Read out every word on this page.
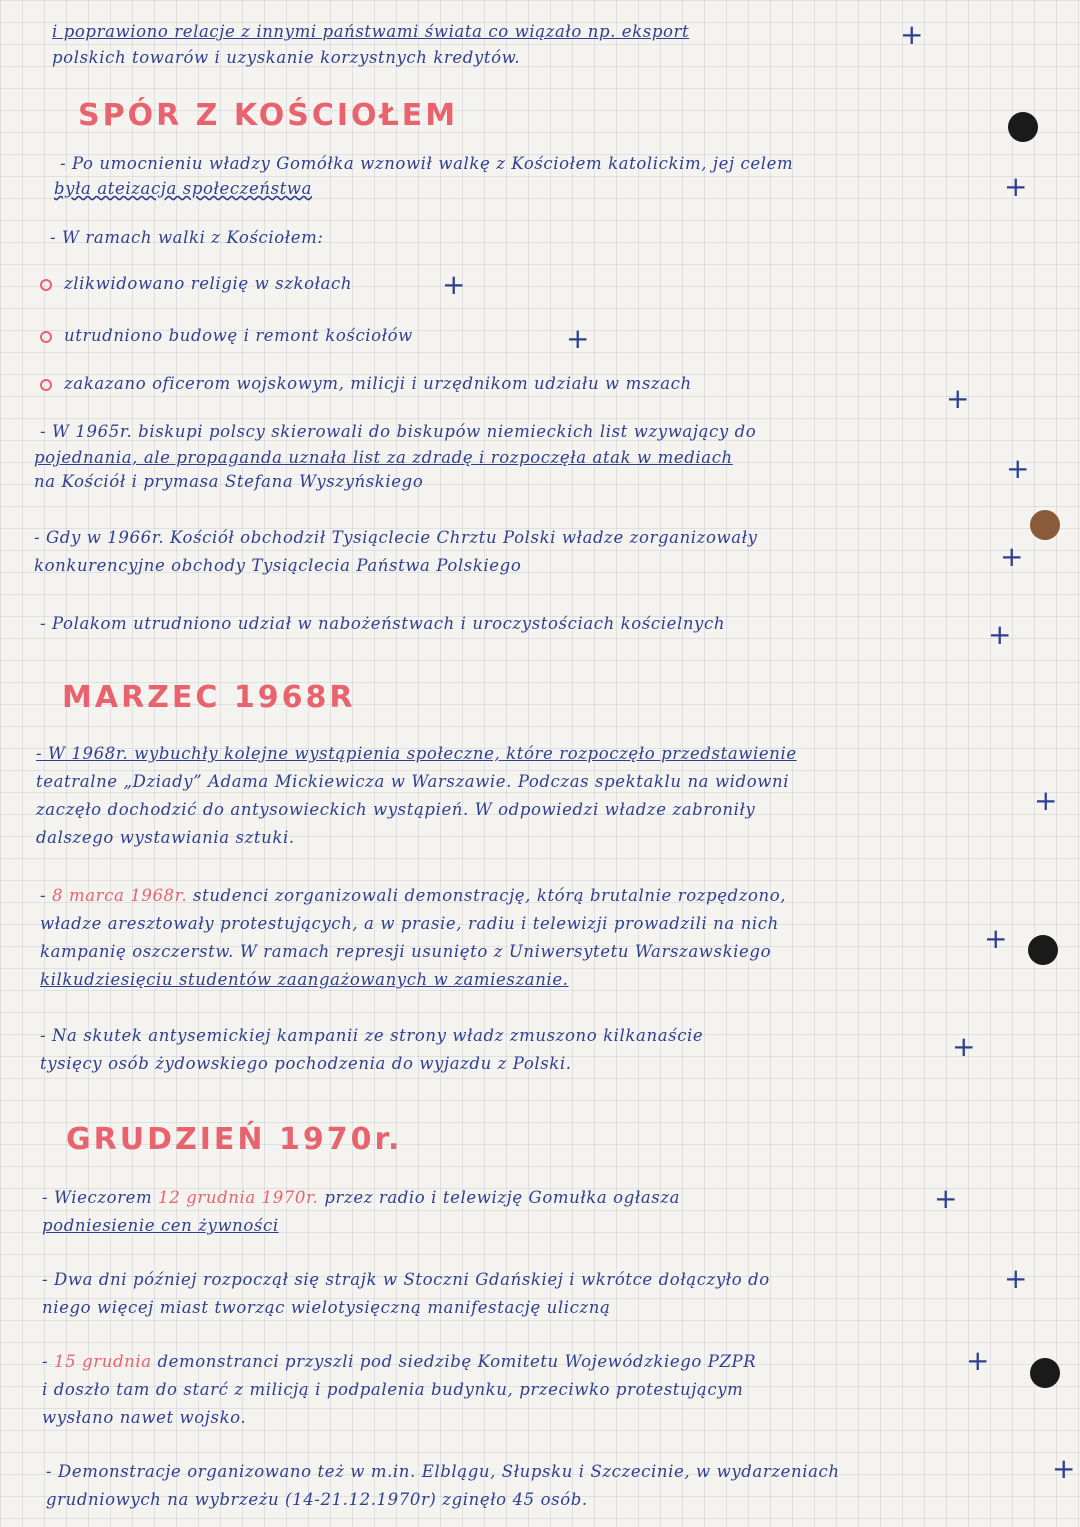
i poprawiono relacje z innymi państwami świata co wiązało np. eksport
polskich towarów i uzyskanie korzystnych kredytów.
+
SPÓR Z KOŚCIOŁEM
- Po umocnieniu władzy Gomółka wznowił walkę z Kościołem katolickim, jej celem
była ateizacja społeczeństwa	+
- W ramach walki z Kościołem:
zlikwidowano religię w szkołach	+
utrudniono budowę i remont kościołów	+
zakazano oficerom wojskowym, milicji i urzędnikom udziału w mszach	+
- W 1965r. biskupi polscy skierowali do biskupów niemieckich list wzywający do
pojednania, ale propaganda uznała list za zdradę i rozpoczęła atak w mediach
na Kościół i prymasa Stefana Wyszyńskiego	+
- Gdy w 1966r. Kościół obchodził Tysiąclecie Chrztu Polski władze zorganizowały
konkurencyjne obchody Tysiąclecia Państwa Polskiego	+
- Polakom utrudniono udział w nabożeństwach i uroczystościach kościelnych	+
MARZEC 1968R
- W 1968r. wybuchły kolejne wystąpienia społeczne, które rozpoczęło przedstawienie
teatralne „Dziady” Adama Mickiewicza w Warszawie. Podczas spektaklu na widowni
zaczęło dochodzić do antysowieckich wystąpień. W odpowiedzi władze zabroniły
dalszego wystawiania sztuki.
+
- 8 marca 1968r. studenci zorganizowali demonstrację, którą brutalnie rozpędzono,
władze aresztowały protestujących, a w prasie, radiu i telewizji prowadzili na nich
kampanię oszczerstw. W ramach represji usunięto z Uniwersytetu Warszawskiego
kilkudziesięciu studentów zaangażowanych w zamieszanie.
+
- Na skutek antysemickiej kampanii ze strony władz zmuszono kilkanaście
tysięcy osób żydowskiego pochodzenia do wyjazdu z Polski.
+
GRUDZIEŃ 1970r.
- Wieczorem 12 grudnia 1970r. przez radio i telewizję Gomułka ogłasza
podniesienie cen żywności
+
- Dwa dni później rozpoczął się strajk w Stoczni Gdańskiej i wkrótce dołączyło do
niego więcej miast tworząc wielotysięczną manifestację uliczną
+
- 15 grudnia demonstranci przyszli pod siedzibę Komitetu Wojewódzkiego PZPR
i doszło tam do starć z milicją i podpalenia budynku, przeciwko protestującym
wysłano nawet wojsko.
+
- Demonstracje organizowano też w m.in. Elblągu, Słupsku i Szczecinie, w wydarzeniach
grudniowych na wybrzeżu (14-21.12.1970r) zginęło 45 osób.
+
